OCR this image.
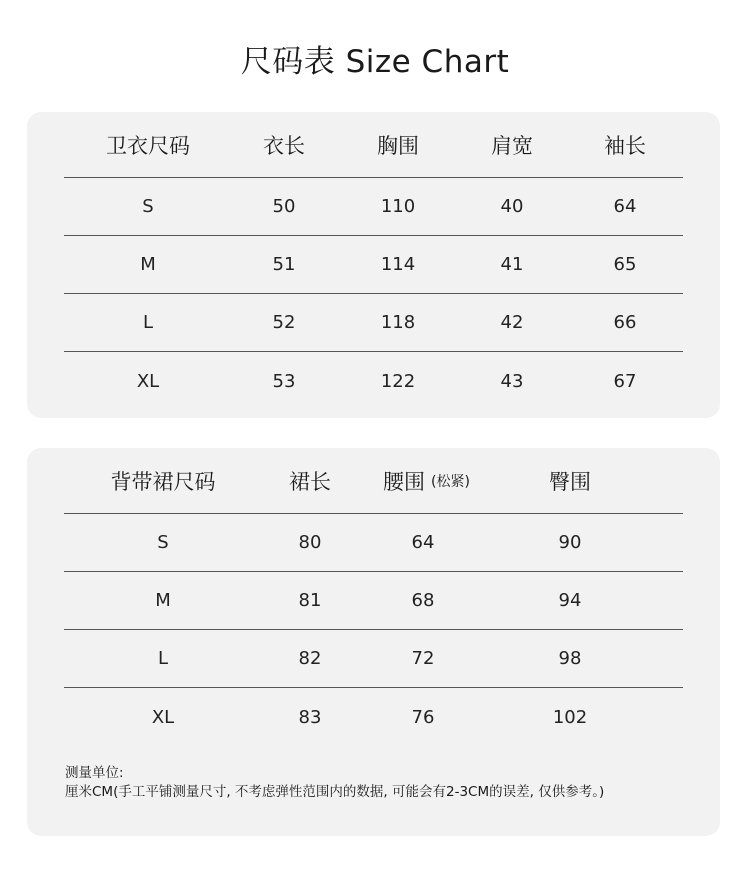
尺码表 Size Chart
卫衣尺码	衣长	胸围	肩宽	袖长
S	50	110	40	64
M	51	114	41	65
L	52	118	42	66
XL	53	122	43	67
背带裙尺码	裙长	腰围 (松紧)	臀围
S	80	64	90
M	81	68	94
L	82	72	98
XL	83	76	102
测量单位:
厘米CM(手工平铺测量尺寸, 不考虑弹性范围内的数据, 可能会有2-3CM的误差, 仅供参考。)
